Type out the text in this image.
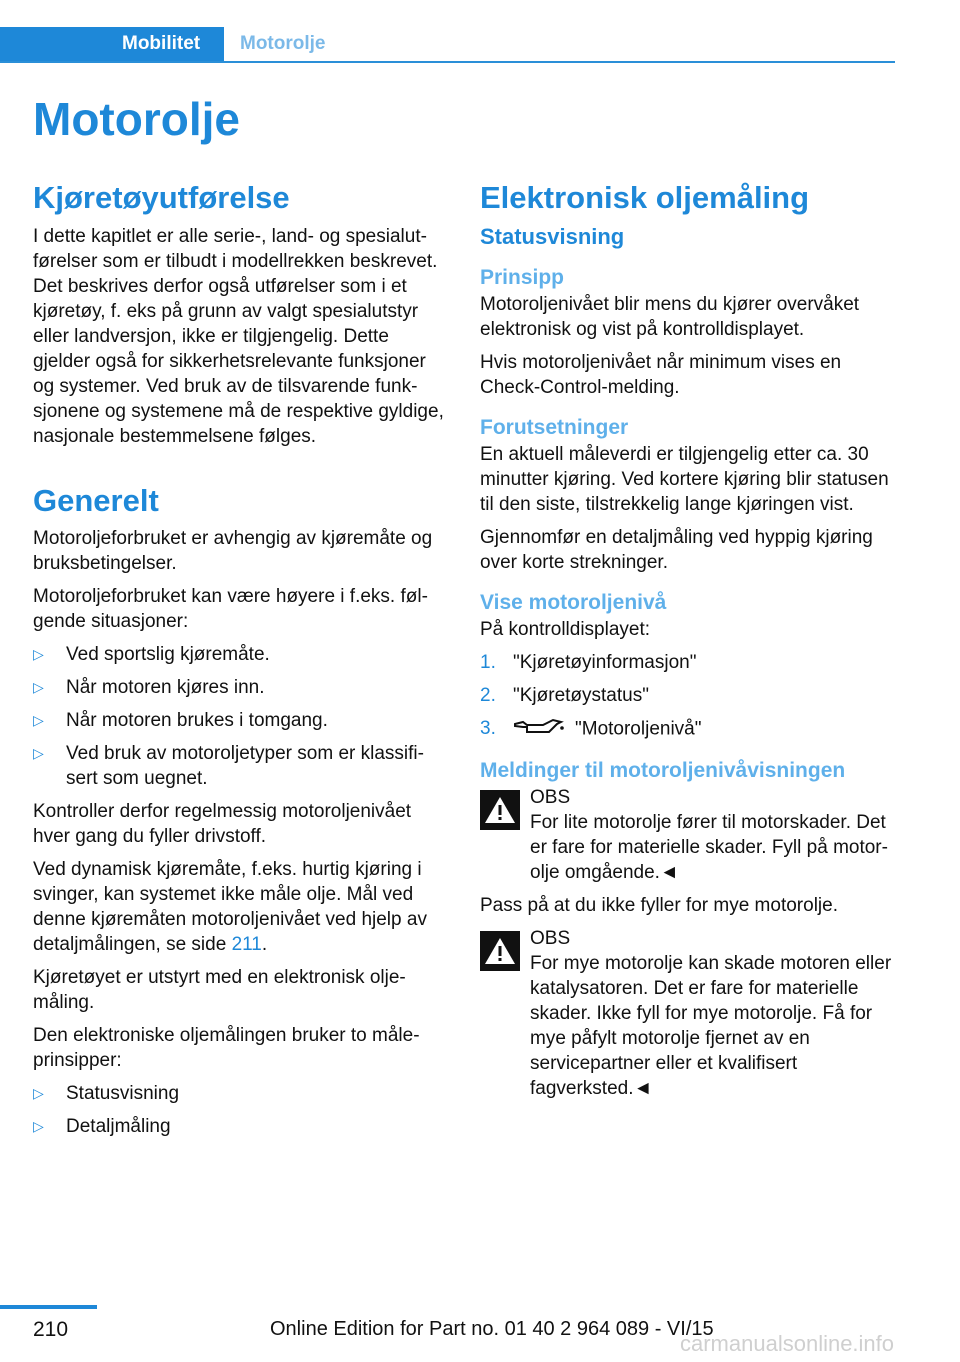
Mobilitet	Motorolje
Motorolje
Kjøretøyutførelse

I dette kapitlet er alle serie-, land- og spesialutførelser som er tilbudt i modellrekken beskrevet. Det beskrives derfor også utførelser som i et kjøretøy, f. eks på grunn av valgt spesialutstyr eller landversjon, ikke er tilgjengelig. Dette gjelder også for sikkerhetsrelevante funksjoner og systemer. Ved bruk av de tilsvarende funksjonene og systemene må de respektive gyldige, nasjonale bestemmelsene følges.

Generelt

Motoroljeforbruket er avhengig av kjøremåte og bruksbetingelser.

Motoroljeforbruket kan være høyere i f.eks. følgende situasjoner:

▷ Ved sportslig kjøremåte.
▷ Når motoren kjøres inn.
▷ Når motoren brukes i tomgang.
▷ Ved bruk av motoroljetyper som er klassifisert som uegnet.

Kontroller derfor regelmessig motoroljenivået hver gang du fyller drivstoff.

Ved dynamisk kjøremåte, f.eks. hurtig kjøring i svinger, kan systemet ikke måle olje. Mål ved denne kjøremåten motoroljenivået ved hjelp av detaljmålingen, se side 211.

Kjøretøyet er utstyrt med en elektronisk oljemåling.

Den elektroniske oljemålingen bruker to måleprinsipper:

▷ Statusvisning
▷ Detaljmåling
Elektronisk oljemåling
Statusvisning
Prinsipp

Motoroljenivået blir mens du kjører overvåket elektronisk og vist på kontrolldisplayet.

Hvis motoroljenivået når minimum vises en Check-Control-melding.

Forutsetninger

En aktuell måleverdi er tilgjengelig etter ca. 30 minutter kjøring. Ved kortere kjøring blir statusen til den siste, tilstrekkelig lange kjøringen vist.

Gjennomfør en detaljmåling ved hyppig kjøring over korte strekninger.

Vise motoroljenivå

På kontrolldisplayet:

1. "Kjøretøyinformasjon"
2. "Kjøretøystatus"
3.	"Motoroljenivå"
Meldinger til motoroljenivåvisningen

OBS

For lite motorolje fører til motorskader. Det er fare for materielle skader. Fyll på motorolje omgående.◄

Pass på at du ikke fyller for mye motorolje.

OBS

For mye motorolje kan skade motoren eller katalysatoren. Det er fare for materielle skader. Ikke fyll for mye motorolje. Få for mye påfylt motorolje fjernet av en servicepartner eller et kvalifisert fagverksted.◄

210	Online Edition for Part no. 01 40 2 964 089 - VI/15
carmanualsonline.info
